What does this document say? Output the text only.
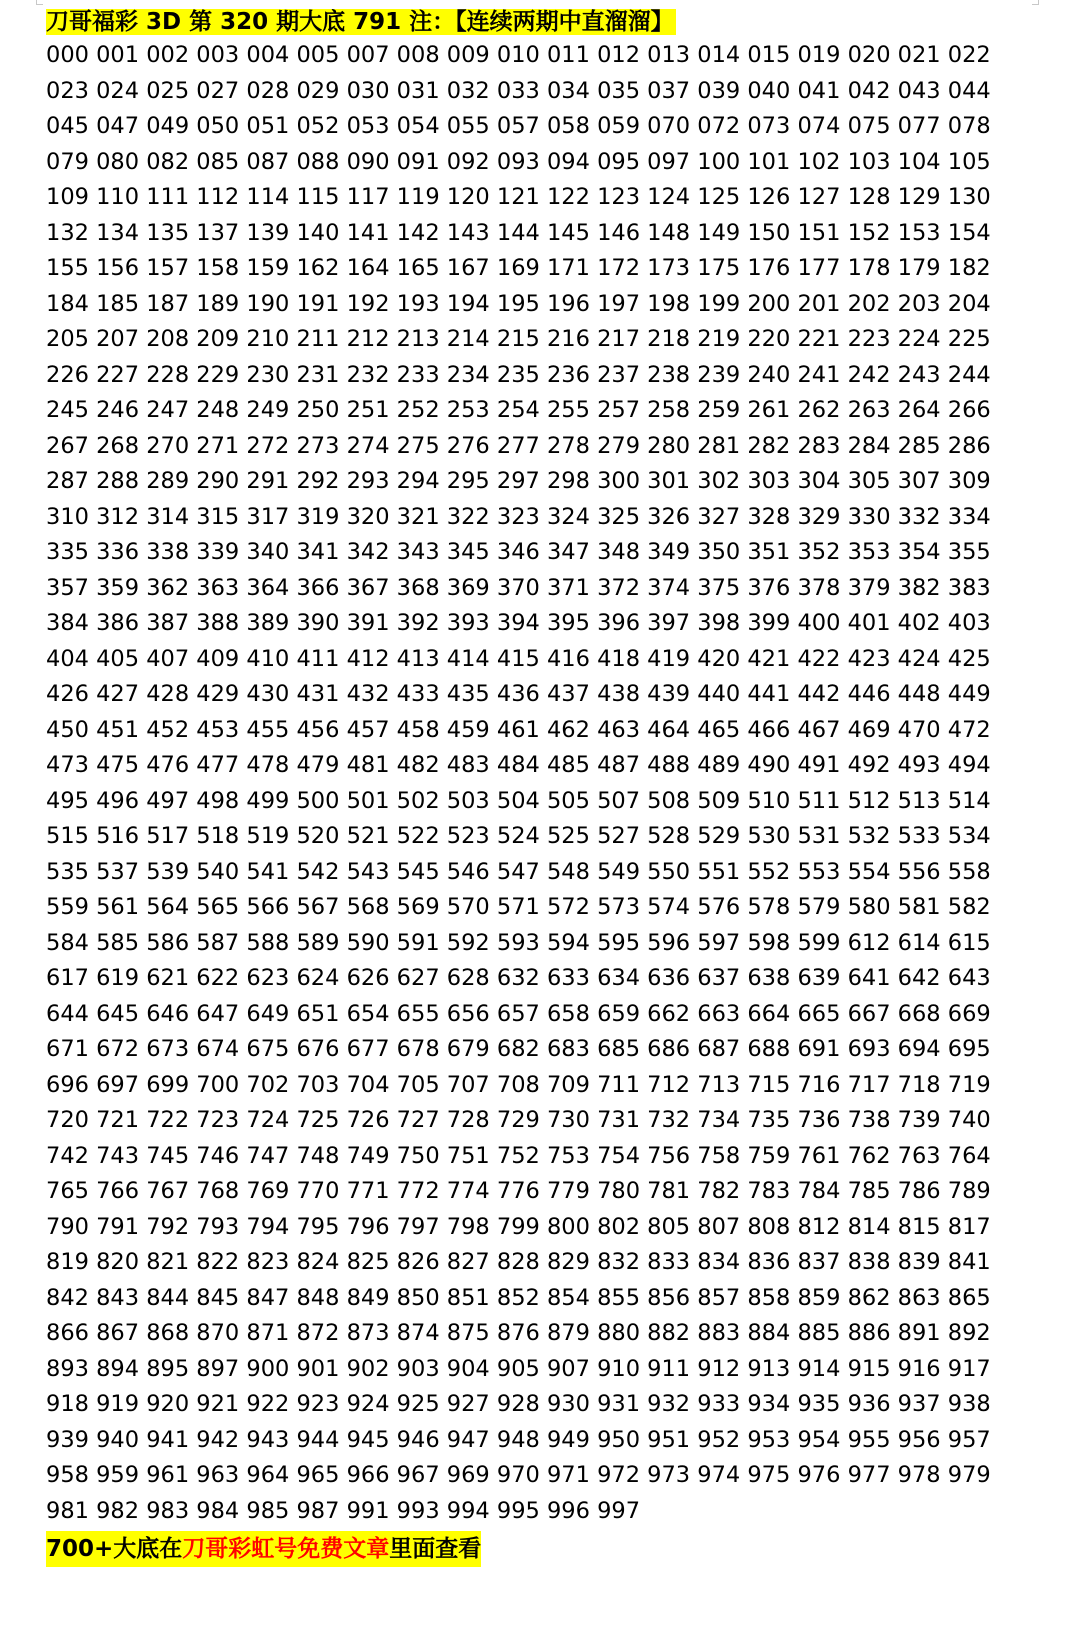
刀哥福彩 3D 第 320 期大底 791 注：【连续两期中直溜溜】
000 001 002 003 004 005 007 008 009 010 011 012 013 014 015 019 020 021 022
023 024 025 027 028 029 030 031 032 033 034 035 037 039 040 041 042 043 044
045 047 049 050 051 052 053 054 055 057 058 059 070 072 073 074 075 077 078
079 080 082 085 087 088 090 091 092 093 094 095 097 100 101 102 103 104 105
109 110 111 112 114 115 117 119 120 121 122 123 124 125 126 127 128 129 130
132 134 135 137 139 140 141 142 143 144 145 146 148 149 150 151 152 153 154
155 156 157 158 159 162 164 165 167 169 171 172 173 175 176 177 178 179 182
184 185 187 189 190 191 192 193 194 195 196 197 198 199 200 201 202 203 204
205 207 208 209 210 211 212 213 214 215 216 217 218 219 220 221 223 224 225
226 227 228 229 230 231 232 233 234 235 236 237 238 239 240 241 242 243 244
245 246 247 248 249 250 251 252 253 254 255 257 258 259 261 262 263 264 266
267 268 270 271 272 273 274 275 276 277 278 279 280 281 282 283 284 285 286
287 288 289 290 291 292 293 294 295 297 298 300 301 302 303 304 305 307 309
310 312 314 315 317 319 320 321 322 323 324 325 326 327 328 329 330 332 334
335 336 338 339 340 341 342 343 345 346 347 348 349 350 351 352 353 354 355
357 359 362 363 364 366 367 368 369 370 371 372 374 375 376 378 379 382 383
384 386 387 388 389 390 391 392 393 394 395 396 397 398 399 400 401 402 403
404 405 407 409 410 411 412 413 414 415 416 418 419 420 421 422 423 424 425
426 427 428 429 430 431 432 433 435 436 437 438 439 440 441 442 446 448 449
450 451 452 453 455 456 457 458 459 461 462 463 464 465 466 467 469 470 472
473 475 476 477 478 479 481 482 483 484 485 487 488 489 490 491 492 493 494
495 496 497 498 499 500 501 502 503 504 505 507 508 509 510 511 512 513 514
515 516 517 518 519 520 521 522 523 524 525 527 528 529 530 531 532 533 534
535 537 539 540 541 542 543 545 546 547 548 549 550 551 552 553 554 556 558
559 561 564 565 566 567 568 569 570 571 572 573 574 576 578 579 580 581 582
584 585 586 587 588 589 590 591 592 593 594 595 596 597 598 599 612 614 615
617 619 621 622 623 624 626 627 628 632 633 634 636 637 638 639 641 642 643
644 645 646 647 649 651 654 655 656 657 658 659 662 663 664 665 667 668 669
671 672 673 674 675 676 677 678 679 682 683 685 686 687 688 691 693 694 695
696 697 699 700 702 703 704 705 707 708 709 711 712 713 715 716 717 718 719
720 721 722 723 724 725 726 727 728 729 730 731 732 734 735 736 738 739 740
742 743 745 746 747 748 749 750 751 752 753 754 756 758 759 761 762 763 764
765 766 767 768 769 770 771 772 774 776 779 780 781 782 783 784 785 786 789
790 791 792 793 794 795 796 797 798 799 800 802 805 807 808 812 814 815 817
819 820 821 822 823 824 825 826 827 828 829 832 833 834 836 837 838 839 841
842 843 844 845 847 848 849 850 851 852 854 855 856 857 858 859 862 863 865
866 867 868 870 871 872 873 874 875 876 879 880 882 883 884 885 886 891 892
893 894 895 897 900 901 902 903 904 905 907 910 911 912 913 914 915 916 917
918 919 920 921 922 923 924 925 927 928 930 931 932 933 934 935 936 937 938
939 940 941 942 943 944 945 946 947 948 949 950 951 952 953 954 955 956 957
958 959 961 963 964 965 966 967 969 970 971 972 973 974 975 976 977 978 979
981 982 983 984 985 987 991 993 994 995 996 997
700+大底在刀哥彩虹号免费文章里面查看
